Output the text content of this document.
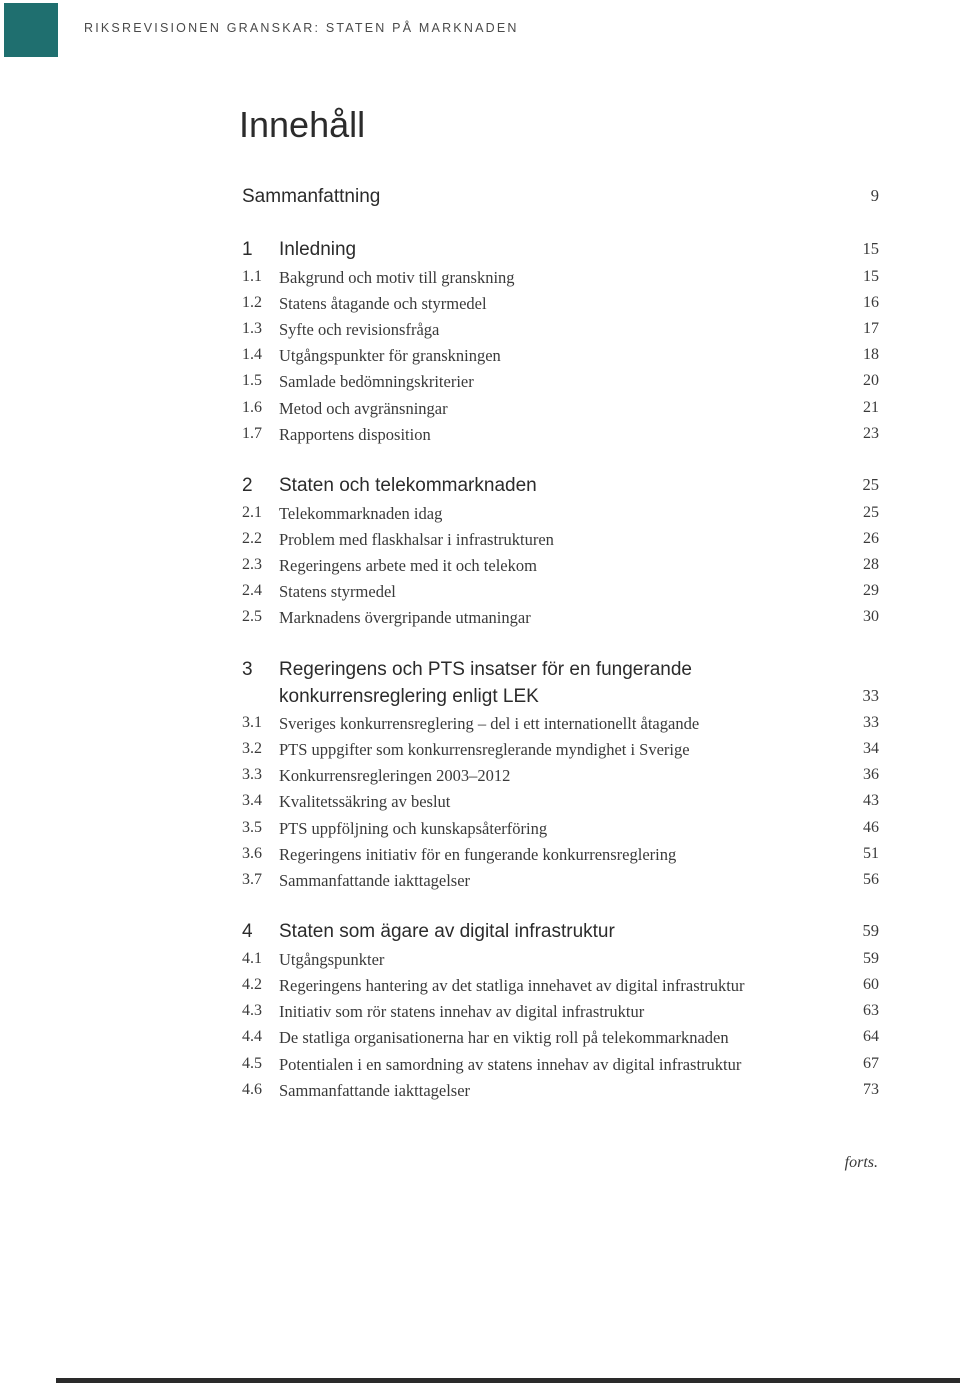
RIKSREVISIONEN GRANSKAR: STATEN PÅ MARKNADEN
Innehåll
Sammanfattning	9
1 Inledning	15
1.1 Bakgrund och motiv till granskning	15
1.2 Statens åtagande och styrmedel	16
1.3 Syfte och revisionsfråga	17
1.4 Utgångspunkter för granskningen	18
1.5 Samlade bedömningskriterier	20
1.6 Metod och avgränsningar	21
1.7 Rapportens disposition	23
2 Staten och telekommarknaden	25
2.1 Telekommarknaden idag	25
2.2 Problem med flaskhalsar i infrastrukturen	26
2.3 Regeringens arbete med it och telekom	28
2.4 Statens styrmedel	29
2.5 Marknadens övergripande utmaningar	30
3 Regeringens och PTS insatser för en fungerande
konkurrensreglering enligt LEK	33
3.1 Sveriges konkurrensreglering – del i ett internationellt åtagande	33
3.2 PTS uppgifter som konkurrensreglerande myndighet i Sverige	34
3.3 Konkurrensregleringen 2003–2012	36
3.4 Kvalitetssäkring av beslut	43
3.5 PTS uppföljning och kunskapsåterföring	46
3.6 Regeringens initiativ för en fungerande konkurrensreglering	51
3.7 Sammanfattande iakttagelser	56
4 Staten som ägare av digital infrastruktur	59
4.1 Utgångspunkter	59
4.2 Regeringens hantering av det statliga innehavet av digital infrastruktur	60
4.3 Initiativ som rör statens innehav av digital infrastruktur	63
4.4 De statliga organisationerna har en viktig roll på telekommarknaden	64
4.5 Potentialen i en samordning av statens innehav av digital infrastruktur	67
4.6 Sammanfattande iakttagelser	73
forts.
